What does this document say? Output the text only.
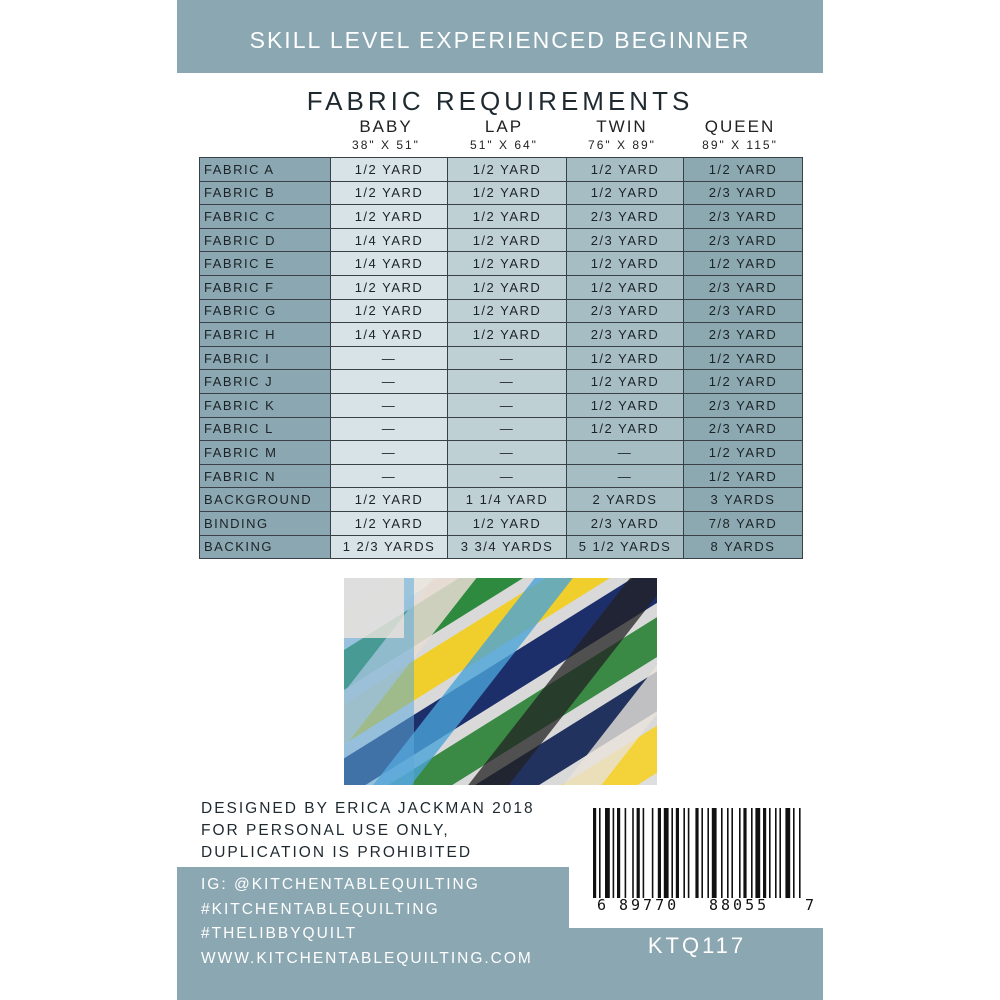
SKILL LEVEL EXPERIENCED BEGINNER
FABRIC REQUIREMENTS
BABY
38" X 51"
LAP
51" X 64"
TWIN
76" X 89"
QUEEN
89" X 115"
FABRIC A	1/2 YARD	1/2 YARD	1/2 YARD	1/2 YARD
FABRIC B	1/2 YARD	1/2 YARD	1/2 YARD	2/3 YARD
FABRIC C	1/2 YARD	1/2 YARD	2/3 YARD	2/3 YARD
FABRIC D	1/4 YARD	1/2 YARD	2/3 YARD	2/3 YARD
FABRIC E	1/4 YARD	1/2 YARD	1/2 YARD	1/2 YARD
FABRIC F	1/2 YARD	1/2 YARD	1/2 YARD	2/3 YARD
FABRIC G	1/2 YARD	1/2 YARD	2/3 YARD	2/3 YARD
FABRIC H	1/4 YARD	1/2 YARD	2/3 YARD	2/3 YARD
FABRIC I	—	—	1/2 YARD	1/2 YARD
FABRIC J	—	—	1/2 YARD	1/2 YARD
FABRIC K	—	—	1/2 YARD	2/3 YARD
FABRIC L	—	—	1/2 YARD	2/3 YARD
FABRIC M	—	—	—	1/2 YARD
FABRIC N	—	—	—	1/2 YARD
BACKGROUND	1/2 YARD	1 1/4 YARD	2 YARDS	3 YARDS
BINDING	1/2 YARD	1/2 YARD	2/3 YARD	7/8 YARD
BACKING	1 2/3 YARDS	3 3/4 YARDS	5 1/2 YARDS	8 YARDS
DESIGNED BY ERICA JACKMAN 2018
FOR PERSONAL USE ONLY,
DUPLICATION IS PROHIBITED
6 89770 88055 7
IG: @KITCHENTABLEQUILTING
#KITCHENTABLEQUILTING
#THELIBBYQUILT
WWW.KITCHENTABLEQUILTING.COM	KTQ117
